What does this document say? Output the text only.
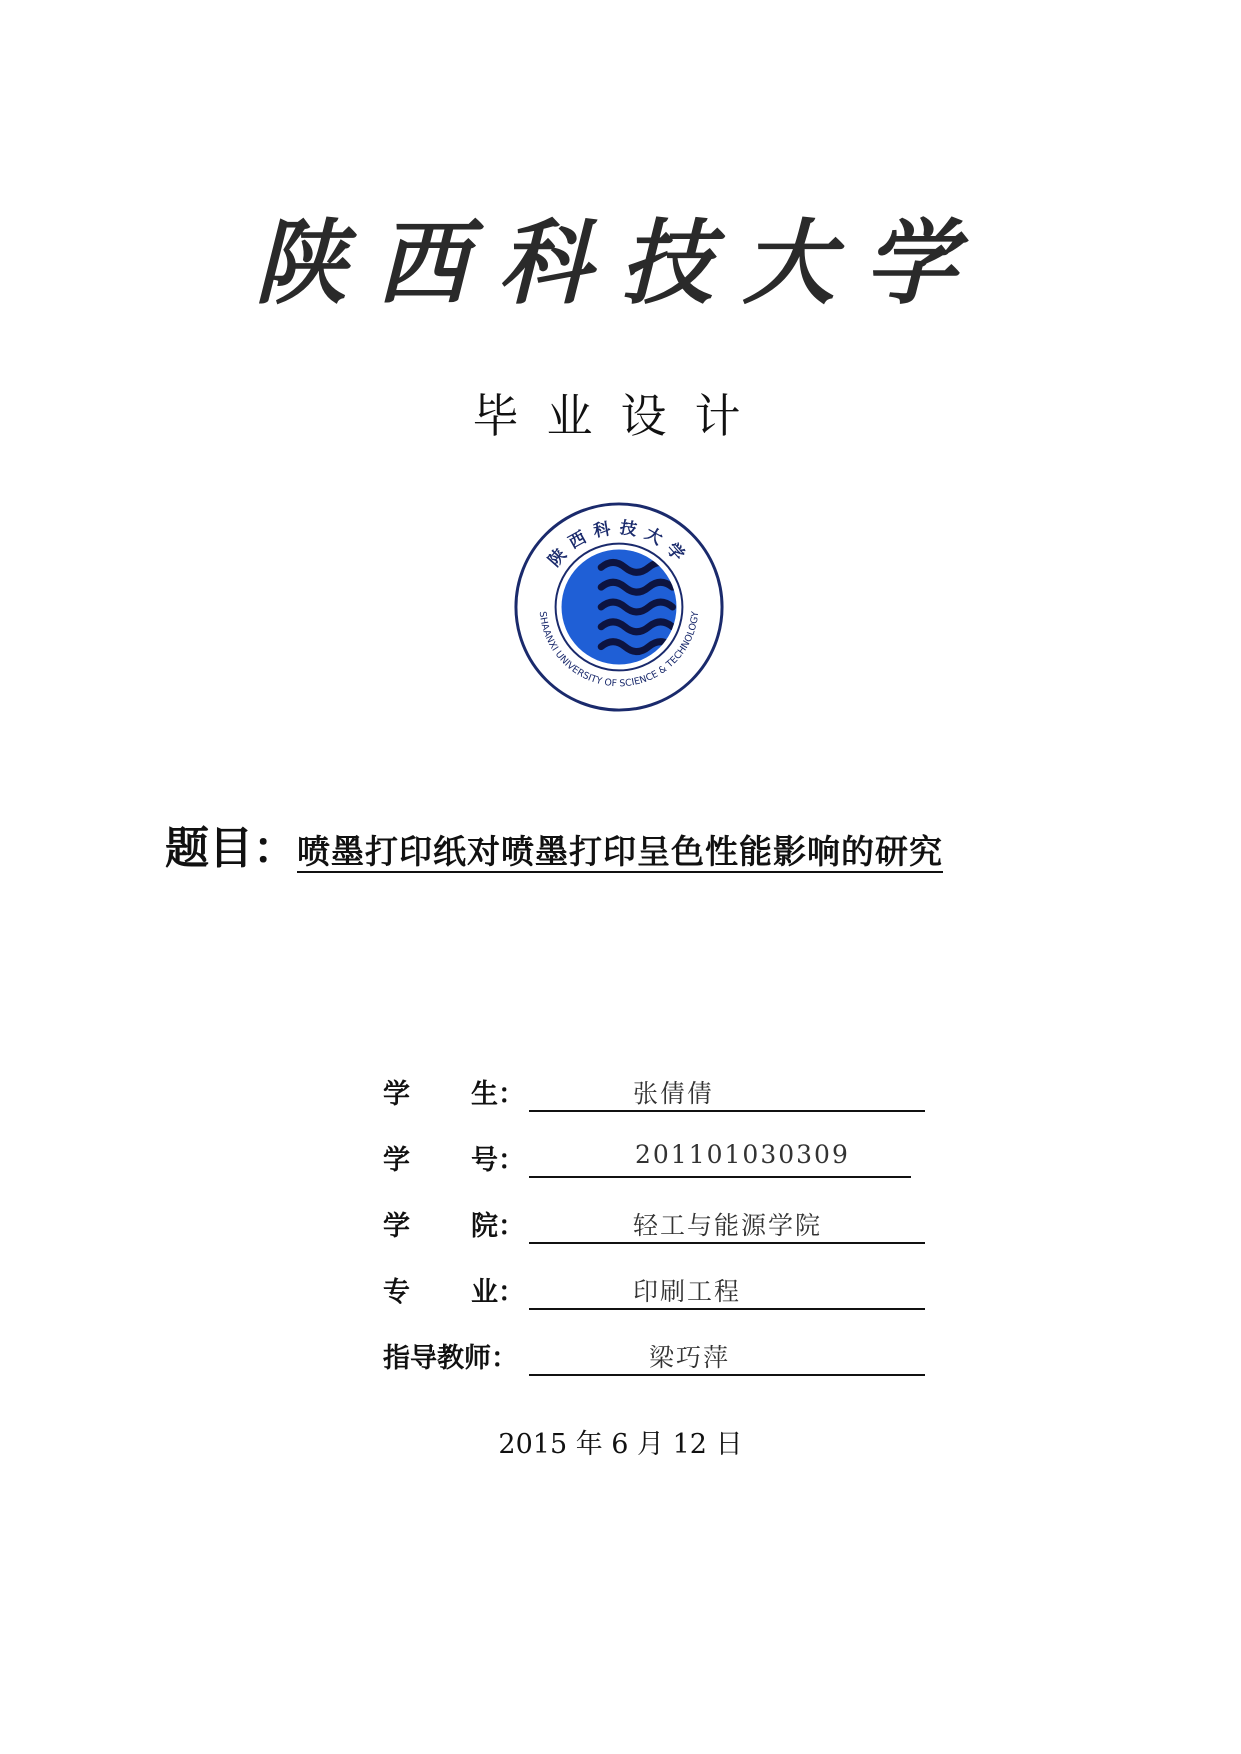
陕西科技大学
毕业设计
陕西科技大学
SHAANXI UNIVERSITY OF SCIENCE & TECHNOLOGY
题目：喷墨打印纸对喷墨打印呈色性能影响的研究
学 生：	张倩倩
学 号：	201101030309
学 院：	轻工与能源学院
专 业：	印刷工程
指导教师：	梁巧萍
2015 年 6 月 12 日
